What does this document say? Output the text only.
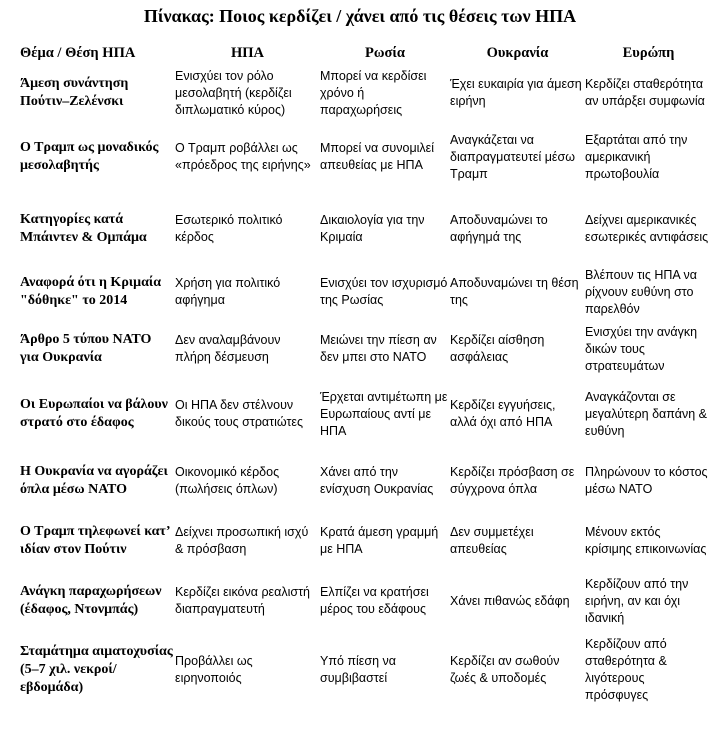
Πίνακας: Ποιος κερδίζει / χάνει από τις θέσεις των ΗΠΑ
Θέμα / Θέση ΗΠΑ	ΗΠΑ	Ρωσία	Ουκρανία	Ευρώπη
Άμεση συνάντηση Πούτιν–Ζελένσκι	Ενισχύει τον ρόλο μεσολαβητή (κερδίζει διπλωματικό κύρος)	Μπορεί να κερδίσει χρόνο ή παραχωρήσεις	Έχει ευκαιρία για άμεση ειρήνη	Κερδίζει σταθερότητα αν υπάρξει συμφωνία
Ο Τραμπ ως μοναδικός μεσολαβητής	Ο Τραμπ ροβάλλει ως «πρόεδρος της ειρήνης»	Μπορεί να συνομιλεί απευθείας με ΗΠΑ	Αναγκάζεται να διαπραγματευτεί μέσω Τραμπ	Εξαρτάται από την αμερικανική πρωτοβουλία
Κατηγορίες κατά Μπάιντεν & Ομπάμα	Εσωτερικό πολιτικό κέρδος	Δικαιολογία για την Κριμαία	Αποδυναμώνει το αφήγημά της	Δείχνει αμερικανικές εσωτερικές αντιφάσεις
Αναφορά ότι η Κριμαία "δόθηκε" το 2014	Χρήση για πολιτικό αφήγημα	Ενισχύει τον ισχυρισμό της Ρωσίας	Αποδυναμώνει τη θέση της	Βλέπουν τις ΗΠΑ να ρίχνουν ευθύνη στο παρελθόν
Άρθρο 5 τύπου ΝΑΤΟ για Ουκρανία	Δεν αναλαμβάνουν πλήρη δέσμευση	Μειώνει την πίεση αν δεν μπει στο ΝΑΤΟ	Κερδίζει αίσθηση ασφάλειας	Ενισχύει την ανάγκη δικών τους στρατευμάτων
Οι Ευρωπαίοι να βάλουν στρατό στο έδαφος	Οι ΗΠΑ δεν στέλνουν δικούς τους στρατιώτες	Έρχεται αντιμέτωπη με Ευρωπαίους αντί με ΗΠΑ	Κερδίζει εγγυήσεις, αλλά όχι από ΗΠΑ	Αναγκάζονται σε μεγαλύτερη δαπάνη & ευθύνη
Η Ουκρανία να αγοράζει όπλα μέσω ΝΑΤΟ	Οικονομικό κέρδος (πωλήσεις όπλων)	Χάνει από την ενίσχυση Ουκρανίας	Κερδίζει πρόσβαση σε σύγχρονα όπλα	Πληρώνουν το κόστος μέσω ΝΑΤΟ
Ο Τραμπ τηλεφωνεί κατ’ ιδίαν στον Πούτιν	Δείχνει προσωπική ισχύ & πρόσβαση	Κρατά άμεση γραμμή με ΗΠΑ	Δεν συμμετέχει απευθείας	Μένουν εκτός κρίσιμης επικοινωνίας
Ανάγκη παραχωρήσεων (έδαφος, Ντονμπάς)	Κερδίζει εικόνα ρεαλιστή διαπραγματευτή	Ελπίζει να κρατήσει μέρος του εδάφους	Χάνει πιθανώς εδάφη	Κερδίζουν από την ειρήνη, αν και όχι ιδανική
Σταμάτημα αιματοχυσίας (5–7 χιλ. νεκροί/εβδομάδα)	Προβάλλει ως ειρηνοποιός	Υπό πίεση να συμβιβαστεί	Κερδίζει αν σωθούν ζωές & υποδομές	Κερδίζουν από σταθερότητα & λιγότερους πρόσφυγες
